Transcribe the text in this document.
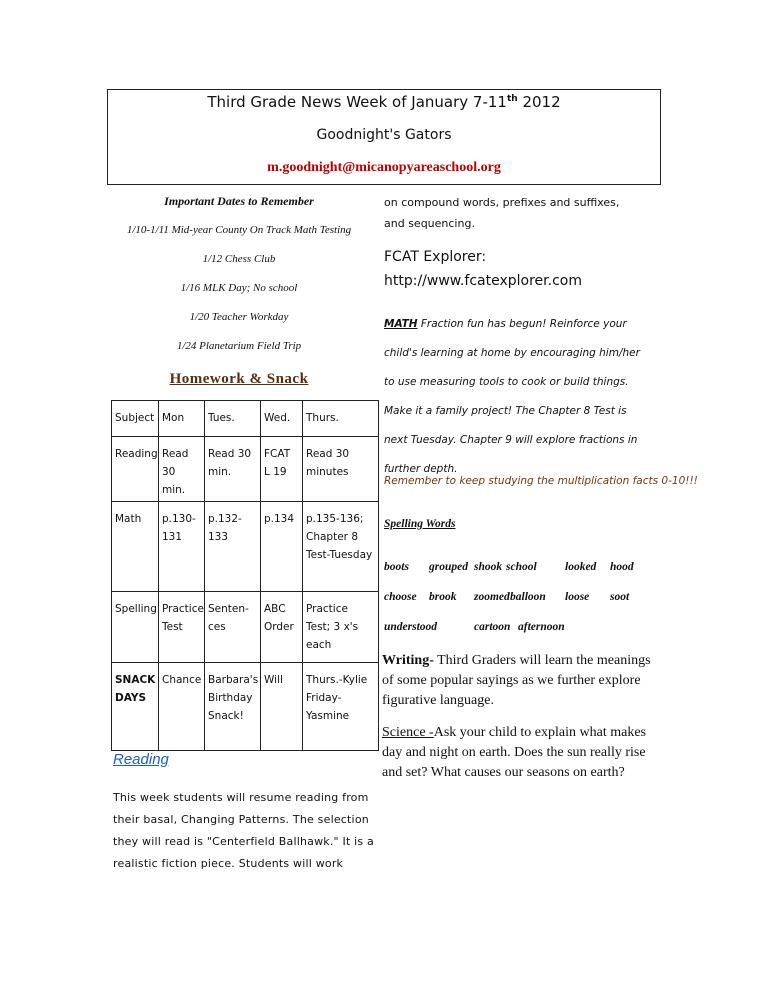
Third Grade News Week of January 7-11th 2012
Goodnight's Gators
m.goodnight@micanopyareaschool.org
Important Dates to Remember
1/10-1/11 Mid-year County On Track Math Testing
1/12 Chess Club
1/16 MLK Day; No school
1/20 Teacher Workday
1/24 Planetarium Field Trip
Homework & Snack
Subject	Mon	Tues.	Wed.	Thurs.
Reading	Read 30 min.	Read 30 min.	FCAT L 19	Read 30 minutes
Math	p.130-131	p.132-133	p.134	p.135-136; Chapter 8 Test-Tuesday
Spelling	Practice Test	Senten-ces	ABC Order	Practice Test; 3 x's each
SNACK DAYS	Chance	Barbara's Birthday Snack!	Will	Thurs.-Kylie Friday-Yasmine
Reading
This week students will resume reading from their basal, Changing Patterns. The selection they will read is "Centerfield Ballhawk." It is a realistic fiction piece. Students will work
on compound words, prefixes and suffixes,
and sequencing.
FCAT Explorer:
http://www.fcatexplorer.com
MATH Fraction fun has begun! Reinforce your child's learning at home by encouraging him/her to use measuring tools to cook or build things. Make it a family project! The Chapter 8 Test is next Tuesday. Chapter 9 will explore fractions in further depth.
Remember to keep studying the multiplication facts 0-10!!!
Spelling Words
boots grouped shook school looked hood
choose brook zoomed balloon loose soot
understood	cartoon afternoon
Writing- Third Graders will learn the meanings of some popular sayings as we further explore figurative language.
Science -Ask your child to explain what makes day and night on earth. Does the sun really rise and set? What causes our seasons on earth?
